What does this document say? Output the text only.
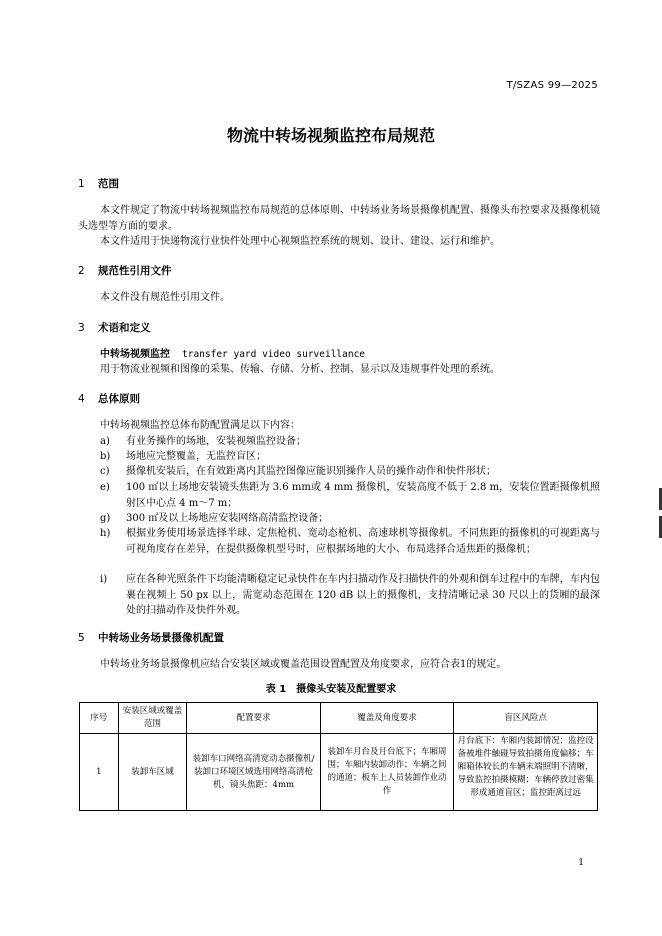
T/SZAS 99—2025
物流中转场视频监控布局规范
1 范围
本文件规定了物流中转场视频监控布局规范的总体原则、中转场业务场景摄像机配置、摄像头布控要求及摄像机镜头选型等方面的要求。
本文件适用于快递物流行业快件处理中心视频监控系统的规划、设计、建设、运行和维护。
2 规范性引用文件
本文件没有规范性引用文件。
3 术语和定义
中转场视频监控 transfer yard video surveillance
用于物流业视频和图像的采集、传输、存储、分析、控制、显示以及违规事件处理的系统。
4 总体原则
中转场视频监控总体布防配置满足以下内容：
a)	有业务操作的场地，安装视频监控设备；
b)	场地应完整覆盖，无监控盲区；
c)	摄像机安装后，在有效距离内其监控图像应能识别操作人员的操作动作和快件形状；
e)	100 ㎡以上场地安装镜头焦距为 3.6 mm或 4 mm 摄像机，安装高度不低于 2.8 m，安装位置距摄像机照射区中心点 4 m～7 m；
g)	300 ㎡及以上场地应安装网络高清监控设备；
h)	根据业务使用场景选择半球、定焦枪机、宽动态枪机、高速球机等摄像机。不同焦距的摄像机的可视距离与可视角度存在差异，在提供摄像机型号时，应根据场地的大小、布局选择合适焦距的摄像机；
i)	应在各种光照条件下均能清晰稳定记录快件在车内扫描动作及扫描快件的外观和倒车过程中的车牌，车内包裹在视频上 50 px 以上，需宽动态范围在 120 dB 以上的摄像机，支持清晰记录 30 尺以上的货厢的最深处的扫描动作及快件外观。
5 中转场业务场景摄像机配置
中转场业务场景摄像机应结合安装区域或覆盖范围设置配置及角度要求，应符合表1的规定。
表 1　摄像头安装及配置要求
序号	安装区域或覆盖范围	配置要求	覆盖及角度要求	盲区风险点
1	装卸车区域	装卸车口网络高清宽动态摄像机/装卸口环境区域选用网络高清枪机，镜头焦距：4mm	装卸车月台及月台底下；车厢周围；车厢内装卸动作；车辆之间的通道；板车上人员装卸作业动作	月台底下：车厢内装卸情况；监控设备被堆件触碰导致拍摄角度偏移；车厢箱体较长的车辆末端照明不清晰，导致监控拍摄模糊；车辆停放过密集形成通道盲区；监控距离过远
1
